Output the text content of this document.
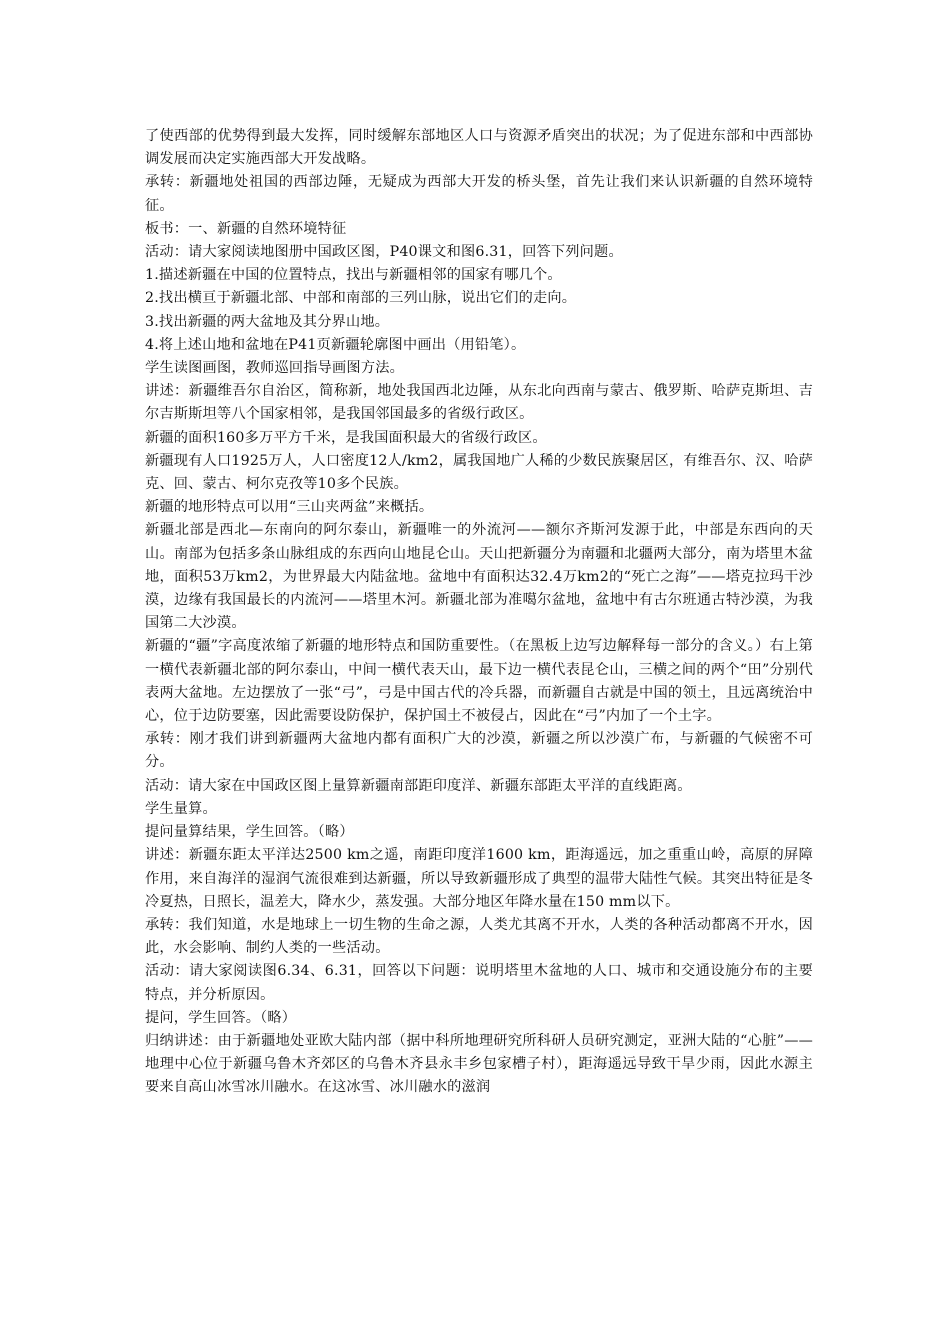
了使西部的优势得到最大发挥，同时缓解东部地区人口与资源矛盾突出的状况；为了促进东部和中西部协调发展而决定实施西部大开发战略。

承转：新疆地处祖国的西部边陲，无疑成为西部大开发的桥头堡，首先让我们来认识新疆的自然环境特征。

板书：一、新疆的自然环境特征

活动：请大家阅读地图册中国政区图，P40课文和图6.31，回答下列问题。

1.描述新疆在中国的位置特点，找出与新疆相邻的国家有哪几个。

2.找出横亘于新疆北部、中部和南部的三列山脉，说出它们的走向。

3.找出新疆的两大盆地及其分界山地。

4.将上述山地和盆地在P41页新疆轮廓图中画出（用铅笔）。

学生读图画图，教师巡回指导画图方法。

讲述：新疆维吾尔自治区，简称新，地处我国西北边陲，从东北向西南与蒙古、俄罗斯、哈萨克斯坦、吉尔吉斯斯坦等八个国家相邻，是我国邻国最多的省级行政区。

新疆的面积160多万平方千米，是我国面积最大的省级行政区。

新疆现有人口1925万人，人口密度12人/km2，属我国地广人稀的少数民族聚居区，有维吾尔、汉、哈萨克、回、蒙古、柯尔克孜等10多个民族。

新疆的地形特点可以用“三山夹两盆”来概括。

新疆北部是西北—东南向的阿尔泰山，新疆唯一的外流河——额尔齐斯河发源于此，中部是东西向的天山。南部为包括多条山脉组成的东西向山地昆仑山。天山把新疆分为南疆和北疆两大部分，南为塔里木盆地，面积53万km2，为世界最大内陆盆地。盆地中有面积达32.4万km2的“死亡之海”——塔克拉玛干沙漠，边缘有我国最长的内流河——塔里木河。新疆北部为准噶尔盆地，盆地中有古尔班通古特沙漠，为我国第二大沙漠。

新疆的“疆”字高度浓缩了新疆的地形特点和国防重要性。（在黑板上边写边解释每一部分的含义。）右上第一横代表新疆北部的阿尔泰山，中间一横代表天山，最下边一横代表昆仑山，三横之间的两个“田”分别代表两大盆地。左边摆放了一张“弓”，弓是中国古代的冷兵器，而新疆自古就是中国的领土，且远离统治中心，位于边防要塞，因此需要设防保护，保护国土不被侵占，因此在“弓”内加了一个土字。

承转：刚才我们讲到新疆两大盆地内都有面积广大的沙漠，新疆之所以沙漠广布，与新疆的气候密不可分。

活动：请大家在中国政区图上量算新疆南部距印度洋、新疆东部距太平洋的直线距离。

学生量算。

提问量算结果，学生回答。（略）

讲述：新疆东距太平洋达2500 km之遥，南距印度洋1600 km，距海遥远，加之重重山岭，高原的屏障作用，来自海洋的湿润气流很难到达新疆，所以导致新疆形成了典型的温带大陆性气候。其突出特征是冬冷夏热，日照长，温差大，降水少，蒸发强。大部分地区年降水量在150 mm以下。

承转：我们知道，水是地球上一切生物的生命之源，人类尤其离不开水，人类的各种活动都离不开水，因此，水会影响、制约人类的一些活动。

活动：请大家阅读图6.34、6.31，回答以下问题：说明塔里木盆地的人口、城市和交通设施分布的主要特点，并分析原因。

提问，学生回答。（略）

归纳讲述：由于新疆地处亚欧大陆内部（据中科所地理研究所科研人员研究测定，亚洲大陆的“心脏”——地理中心位于新疆乌鲁木齐郊区的乌鲁木齐县永丰乡包家槽子村），距海遥远导致干旱少雨，因此水源主要来自高山冰雪冰川融水。在这冰雪、冰川融水的滋润
